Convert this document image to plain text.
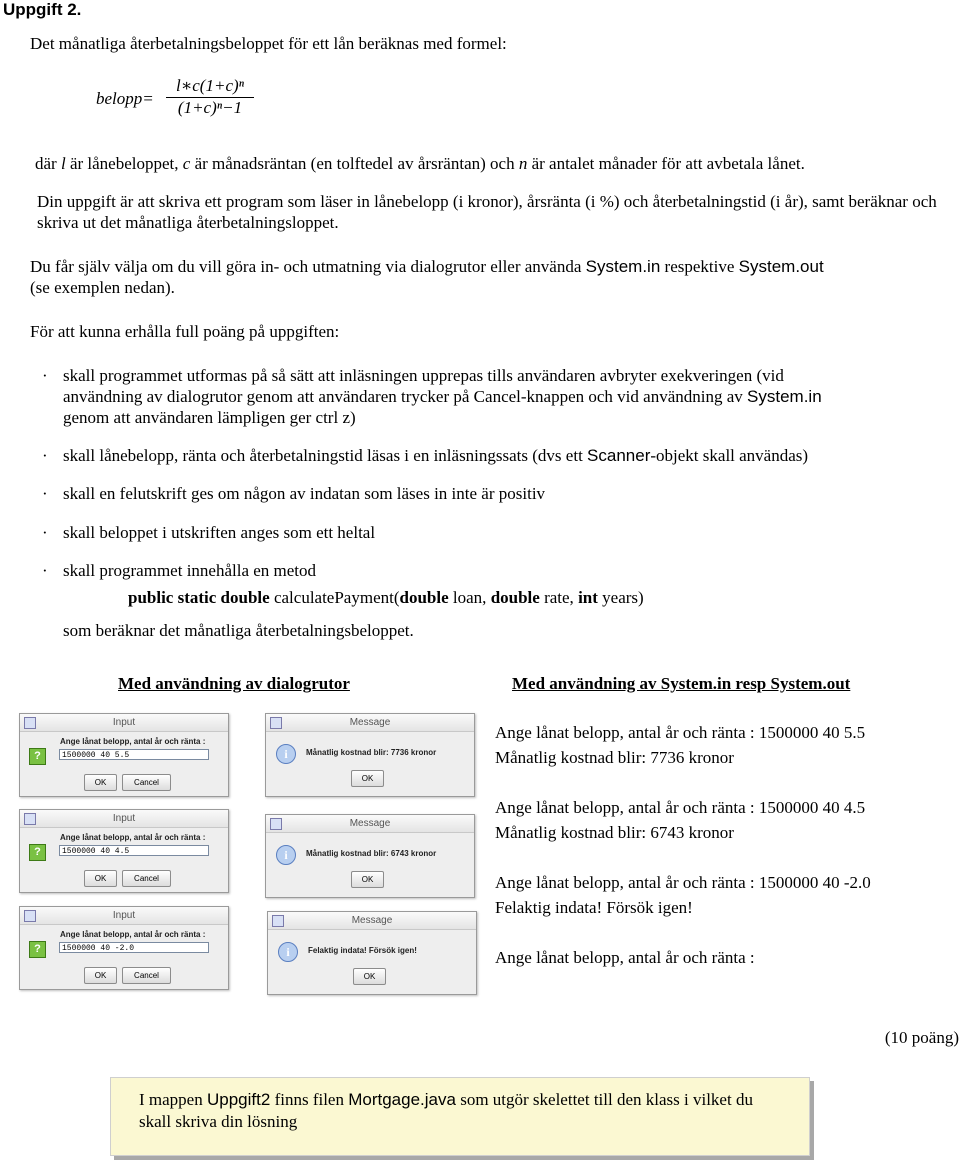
Uppgift 2.
Det månatliga återbetalningsbeloppet för ett lån beräknas med formel:
belopp= $\frac{\text{l∗c(1+c)ⁿ}}{\text{(1+c)ⁿ−1}}$
där l är lånebeloppet, c är månadsräntan (en tolftedel av årsräntan) och n är antalet månader för att avbetala lånet.
Din uppgift är att skriva ett program som läser in lånebelopp (i kronor), årsränta (i %) och återbetalningstid (i år), samt beräknar och skriva ut det månatliga återbetalningsloppet.
Du får själv välja om du vill göra in- och utmatning via dialogrutor eller använda System.in respektive System.out
(se exemplen nedan).
För att kunna erhålla full poäng på uppgiften:
· skall programmet utformas på så sätt att inläsningen upprepas tills användaren avbryter exekveringen (vid
användning av dialogrutor genom att användaren trycker på Cancel-knappen och vid användning av System.in
genom att användaren lämpligen ger ctrl z)
· skall lånebelopp, ränta och återbetalningstid läsas i en inläsningssats (dvs ett Scanner-objekt skall användas)
· skall en felutskrift ges om någon av indatan som läses in inte är positiv
· skall beloppet i utskriften anges som ett heltal
· skall programmet innehålla en metod
public static double calculatePayment(double loan, double rate, int years)
som beräknar det månatliga återbetalningsbeloppet.
Med användning av dialogrutor	Med användning av System.in resp System.out
Input
?
Ange lånat belopp, antal år och ränta :
1500000 40 5.5
OK	Cancel
Message
i	Månatlig kostnad blir: 7736 kronor
OK
Input
?
Ange lånat belopp, antal år och ränta :
1500000 40 4.5
OK	Cancel
Message
i	Månatlig kostnad blir: 6743 kronor
OK
Input
?
Ange lånat belopp, antal år och ränta :
1500000 40 -2.0
OK	Cancel
Message
i	Felaktig indata! Försök igen!
OK
Ange lånat belopp, antal år och ränta : 1500000 40 5.5
Månatlig kostnad blir: 7736 kronor
Ange lånat belopp, antal år och ränta : 1500000 40 4.5
Månatlig kostnad blir: 6743 kronor
Ange lånat belopp, antal år och ränta : 1500000 40 -2.0
Felaktig indata! Försök igen!
Ange lånat belopp, antal år och ränta :
(10 poäng)
I mappen Uppgift2 finns filen Mortgage.java som utgör skelettet till den klass i vilket du skall skriva din lösning
